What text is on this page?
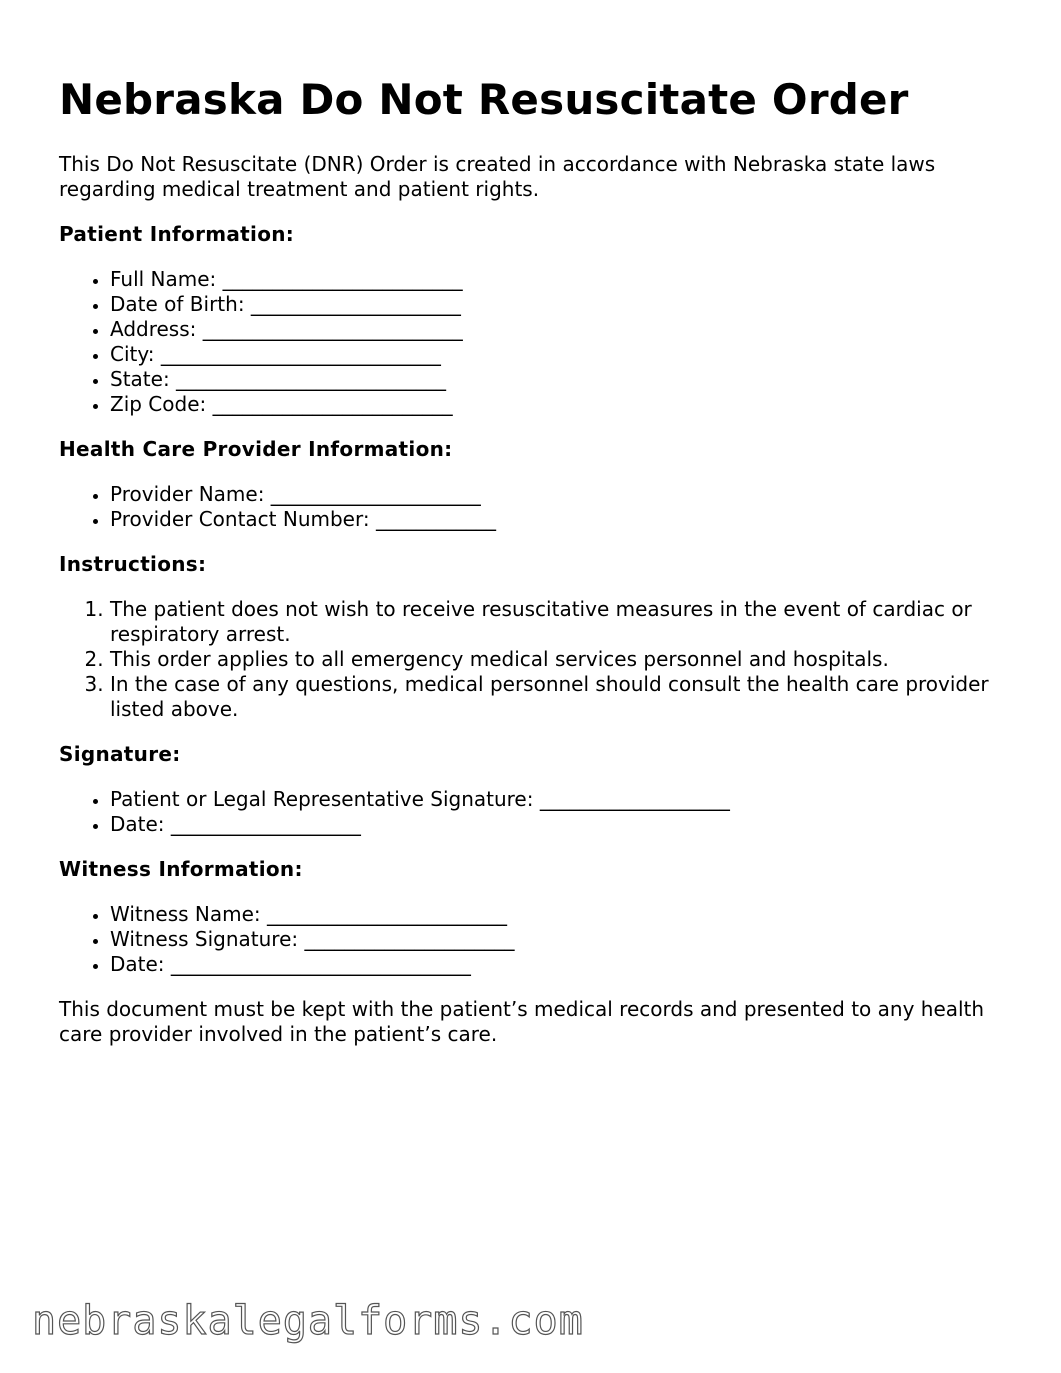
Nebraska Do Not Resuscitate Order

This Do Not Resuscitate (DNR) Order is created in accordance with Nebraska state laws regarding medical treatment and patient rights.

Patient Information:
• Full Name: ________________________
• Date of Birth: _____________________
• Address: __________________________
• City: ____________________________
• State: ___________________________
• Zip Code: ________________________
Health Care Provider Information:
• Provider Name: _____________________
• Provider Contact Number: ____________
Instructions:
1. The patient does not wish to receive resuscitative measures in the event of cardiac or respiratory arrest.
2. This order applies to all emergency medical services personnel and hospitals.
3. In the case of any questions, medical personnel should consult the health care provider listed above.
Signature:
• Patient or Legal Representative Signature: ___________________
• Date: ___________________
Witness Information:
• Witness Name: ________________________
• Witness Signature: _____________________
• Date: ______________________________

This document must be kept with the patient’s medical records and presented to any health care provider involved in the patient’s care.

nebraskalegalforms.com
